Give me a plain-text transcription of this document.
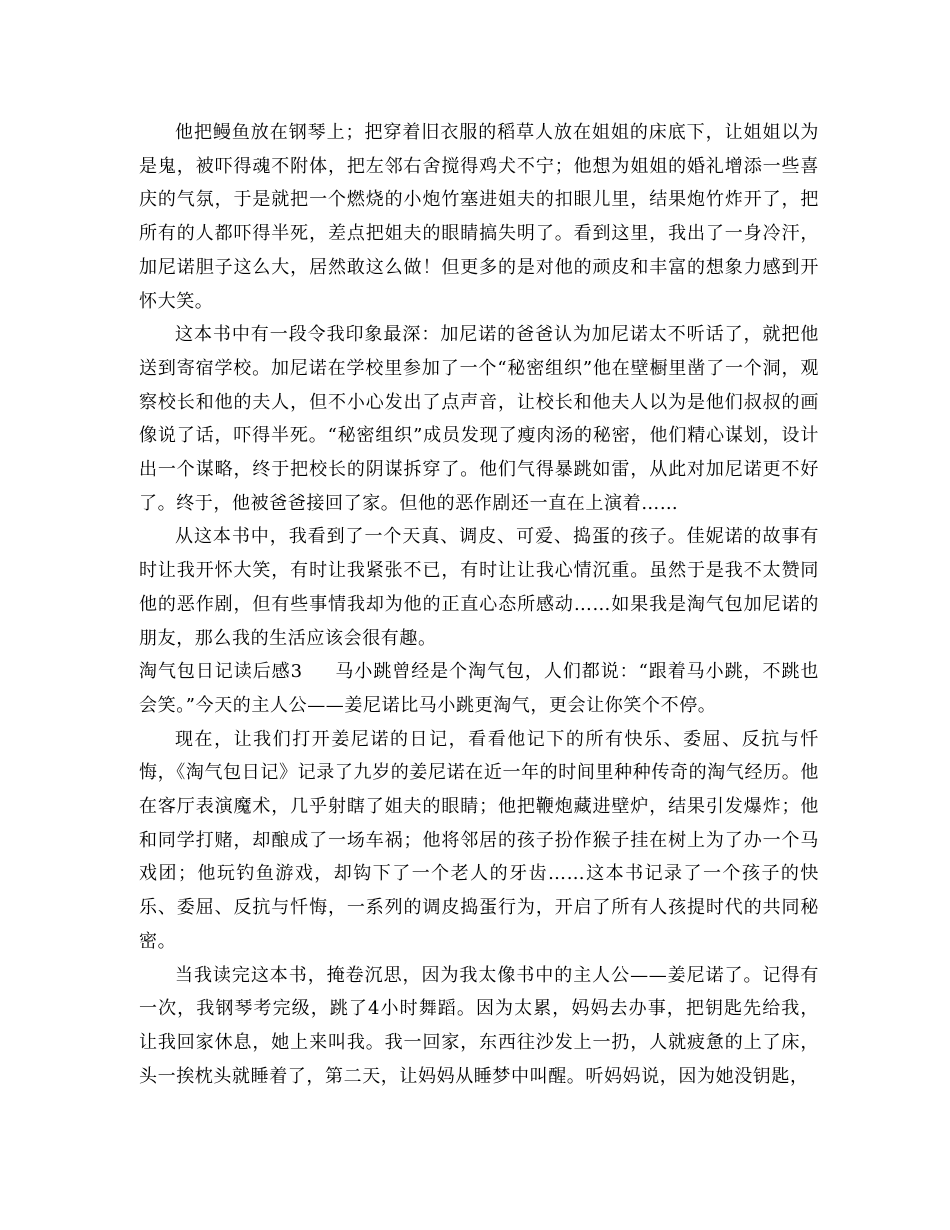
他把鳗鱼放在钢琴上；把穿着旧衣服的稻草人放在姐姐的床底下，让姐姐以为是鬼，被吓得魂不附体，把左邻右舍搅得鸡犬不宁；他想为姐姐的婚礼增添一些喜庆的气氛，于是就把一个燃烧的小炮竹塞进姐夫的扣眼儿里，结果炮竹炸开了，把所有的人都吓得半死，差点把姐夫的眼睛搞失明了。看到这里，我出了一身冷汗，加尼诺胆子这么大，居然敢这么做！但更多的是对他的顽皮和丰富的想象力感到开怀大笑。

这本书中有一段令我印象最深：加尼诺的爸爸认为加尼诺太不听话了，就把他送到寄宿学校。加尼诺在学校里参加了一个“秘密组织”他在壁橱里凿了一个洞，观察校长和他的夫人，但不小心发出了点声音，让校长和他夫人以为是他们叔叔的画像说了话，吓得半死。“秘密组织”成员发现了瘦肉汤的秘密，他们精心谋划，设计出一个谋略，终于把校长的阴谋拆穿了。他们气得暴跳如雷，从此对加尼诺更不好了。终于，他被爸爸接回了家。但他的恶作剧还一直在上演着……

从这本书中，我看到了一个天真、调皮、可爱、捣蛋的孩子。佳妮诺的故事有时让我开怀大笑，有时让我紧张不已，有时让让我心情沉重。虽然于是我不太赞同他的恶作剧，但有些事情我却为他的正直心态所感动……如果我是淘气包加尼诺的朋友，那么我的生活应该会很有趣。

淘气包日记读后感3 马小跳曾经是个淘气包，人们都说：“跟着马小跳，不跳也会笑。”今天的主人公——姜尼诺比马小跳更淘气，更会让你笑个不停。

现在，让我们打开姜尼诺的日记，看看他记下的所有快乐、委屈、反抗与忏悔，《淘气包日记》记录了九岁的姜尼诺在近一年的时间里种种传奇的淘气经历。他在客厅表演魔术，几乎射瞎了姐夫的眼睛；他把鞭炮藏进壁炉，结果引发爆炸；他和同学打赌，却酿成了一场车祸；他将邻居的孩子扮作猴子挂在树上为了办一个马戏团；他玩钓鱼游戏，却钩下了一个老人的牙齿……这本书记录了一个孩子的快乐、委屈、反抗与忏悔，一系列的调皮捣蛋行为，开启了所有人孩提时代的共同秘密。

当我读完这本书，掩卷沉思，因为我太像书中的主人公——姜尼诺了。记得有一次，我钢琴考完级，跳了4小时舞蹈。因为太累，妈妈去办事，把钥匙先给我，让我回家休息，她上来叫我。我一回家，东西往沙发上一扔，人就疲惫的上了床，头一挨枕头就睡着了，第二天，让妈妈从睡梦中叫醒。听妈妈说，因为她没钥匙，
